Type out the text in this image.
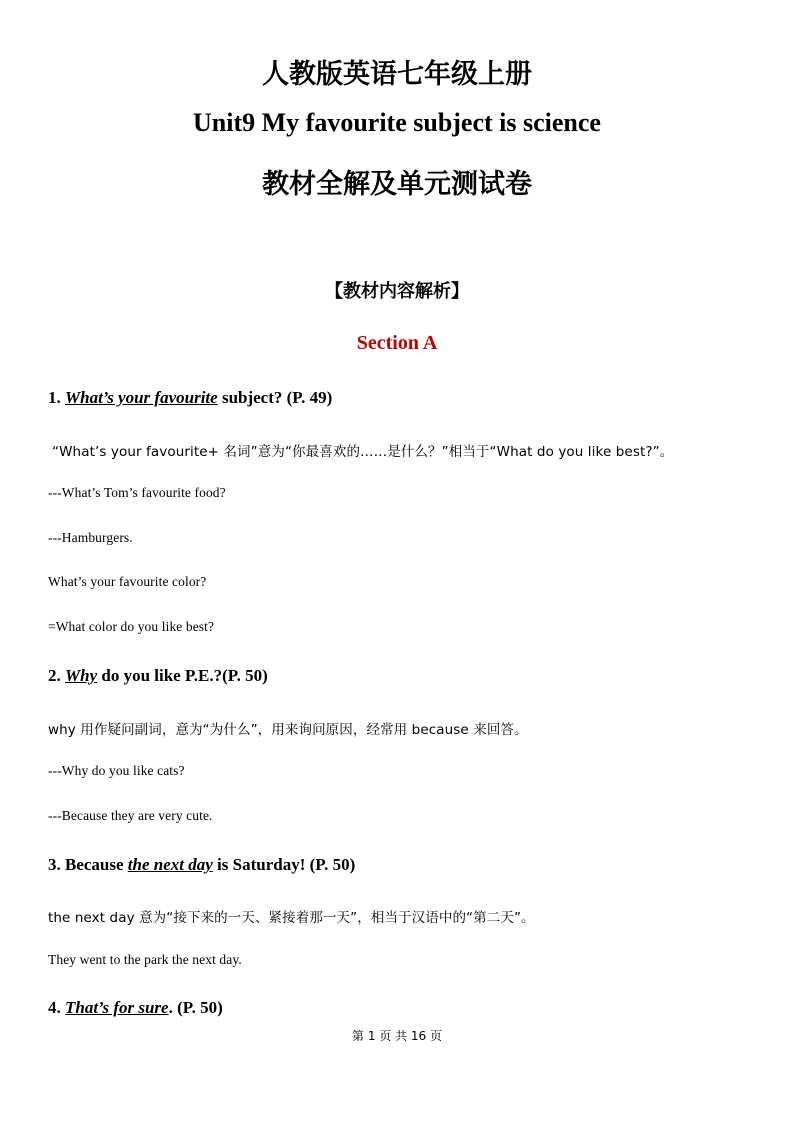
人教版英语七年级上册
Unit9 My favourite subject is science
教材全解及单元测试卷
【教材内容解析】
Section A
1. What’s your favourite subject? (P. 49)
“What’s your favourite+ 名词”意为“你最喜欢的……是什么？”相当于“What do you like best?”。
---What’s Tom’s favourite food?
---Hamburgers.
What’s your favourite color?
=What color do you like best?
2. Why do you like P.E.?(P. 50)
why 用作疑问副词，意为“为什么”，用来询问原因，经常用 because 来回答。
---Why do you like cats?
---Because they are very cute.
3. Because the next day is Saturday! (P. 50)
the next day 意为“接下来的一天、紧接着那一天”，相当于汉语中的“第二天”。
They went to the park the next day.
4. That’s for sure. (P. 50)
第 1 页 共 16 页
